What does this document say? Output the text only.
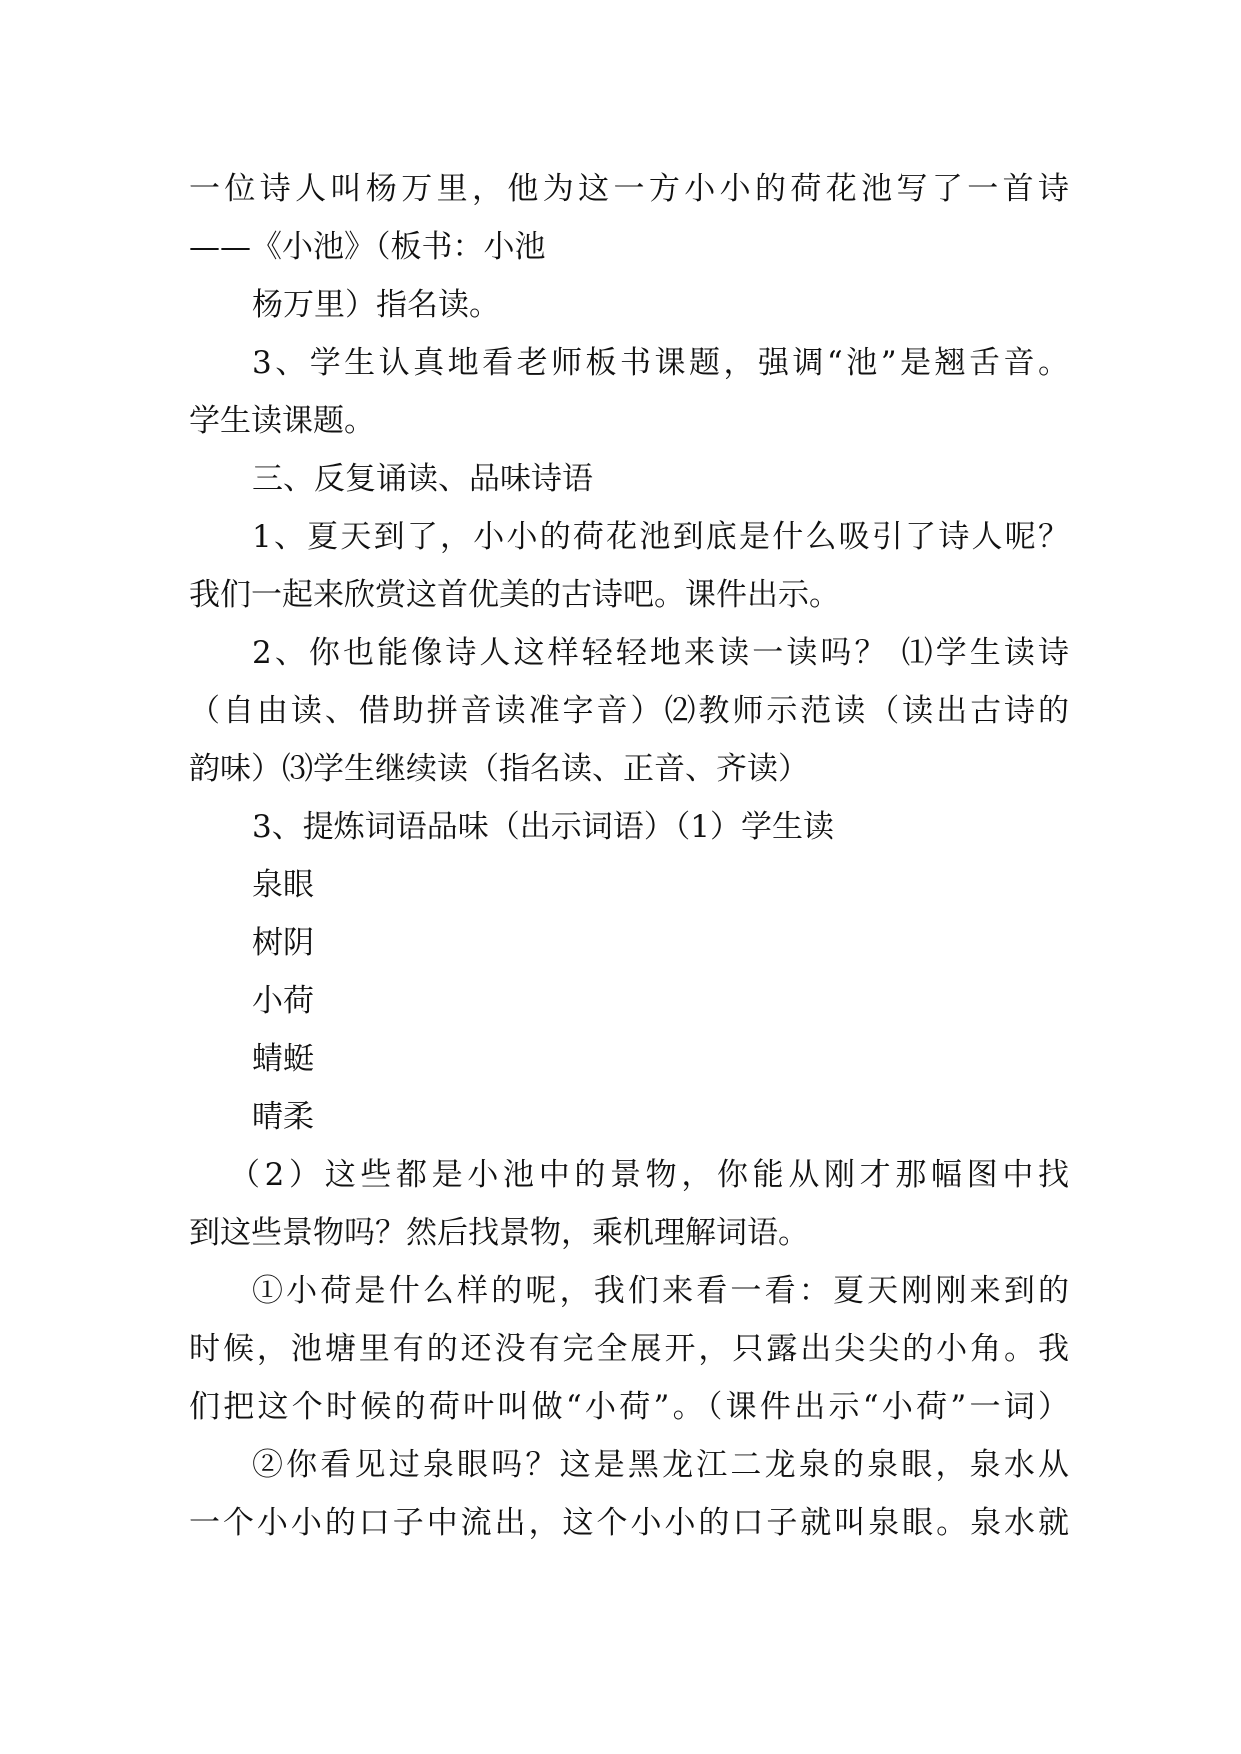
一位诗人叫杨万里，他为这一方小小的荷花池写了一首诗
——《小池》（板书：小池
杨万里）指名读。
3、学生认真地看老师板书课题，强调“池”是翘舌音。
学生读课题。
三、反复诵读、品味诗语
1、夏天到了，小小的荷花池到底是什么吸引了诗人呢？
我们一起来欣赏这首优美的古诗吧。课件出示。
2、你也能像诗人这样轻轻地来读一读吗？ ⑴学生读诗
（自由读、借助拼音读准字音）⑵教师示范读（读出古诗的
韵味）⑶学生继续读（指名读、正音、齐读）
3、提炼词语品味（出示词语）（1）学生读
泉眼
树阴
小荷
蜻蜓
晴柔
（2）这些都是小池中的景物，你能从刚才那幅图中找
到这些景物吗？然后找景物，乘机理解词语。
①小荷是什么样的呢，我们来看一看：夏天刚刚来到的
时候，池塘里有的还没有完全展开，只露出尖尖的小角。我
们把这个时候的荷叶叫做“小荷”。（课件出示“小荷”一词）
②你看见过泉眼吗？这是黑龙江二龙泉的泉眼，泉水从
一个小小的口子中流出，这个小小的口子就叫泉眼。泉水就
